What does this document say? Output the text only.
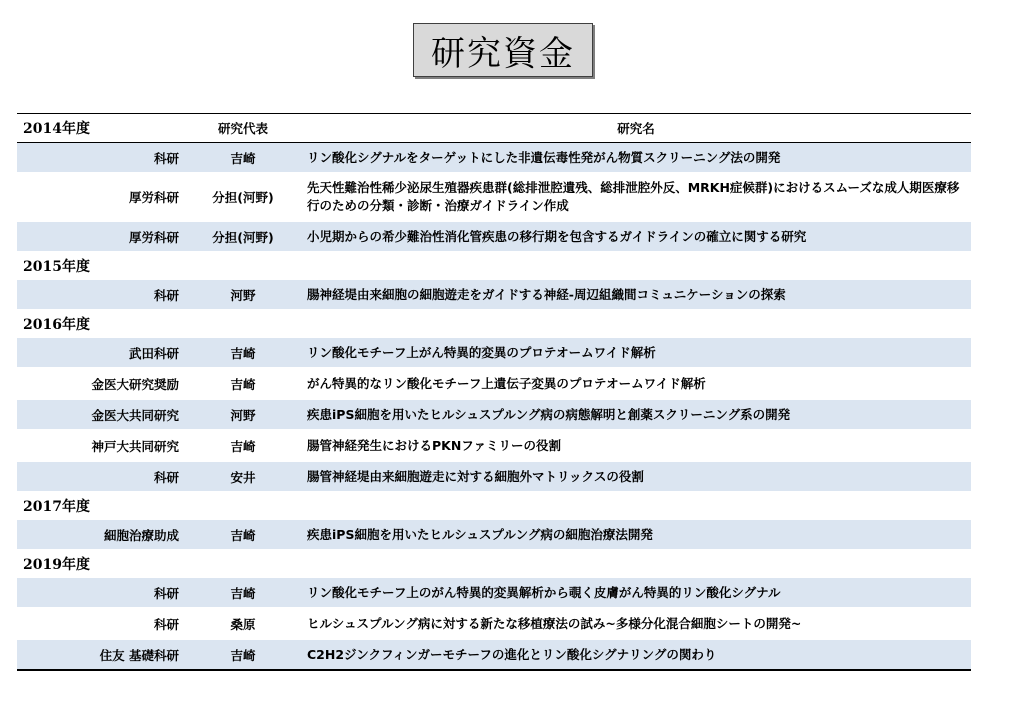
研究資金
2014年度	研究代表	研究名
科研	吉崎	リン酸化シグナルをターゲットにした非遺伝毒性発がん物質スクリーニング法の開発
厚労科研	分担(河野)	先天性難治性稀少泌尿生殖器疾患群(総排泄腔遺残、総排泄腔外反、MRKH症候群)におけるスムーズな成人期医療移行のための分類・診断・治療ガイドライン作成
厚労科研	分担(河野)	小児期からの希少難治性消化管疾患の移行期を包含するガイドラインの確立に関する研究
2015年度		
科研	河野	腸神経堤由来細胞の細胞遊走をガイドする神経-周辺組織間コミュニケーションの探索
2016年度		
武田科研	吉崎	リン酸化モチーフ上がん特異的変異のプロテオームワイド解析
金医大研究奨励	吉崎	がん特異的なリン酸化モチーフ上遺伝子変異のプロテオームワイド解析
金医大共同研究	河野	疾患iPS細胞を用いたヒルシュスプルング病の病態解明と創薬スクリーニング系の開発
神戸大共同研究	吉崎	腸管神経発生におけるPKNファミリーの役割
科研	安井	腸管神経堤由来細胞遊走に対する細胞外マトリックスの役割
2017年度		
細胞治療助成	吉崎	疾患iPS細胞を用いたヒルシュスプルング病の細胞治療法開発
2019年度		
科研	吉崎	リン酸化モチーフ上のがん特異的変異解析から覗く皮膚がん特異的リン酸化シグナル
科研	桑原	ヒルシュスプルング病に対する新たな移植療法の試み~多様分化混合細胞シートの開発~
住友 基礎科研	吉崎	C2H2ジンクフィンガーモチーフの進化とリン酸化シグナリングの関わり
